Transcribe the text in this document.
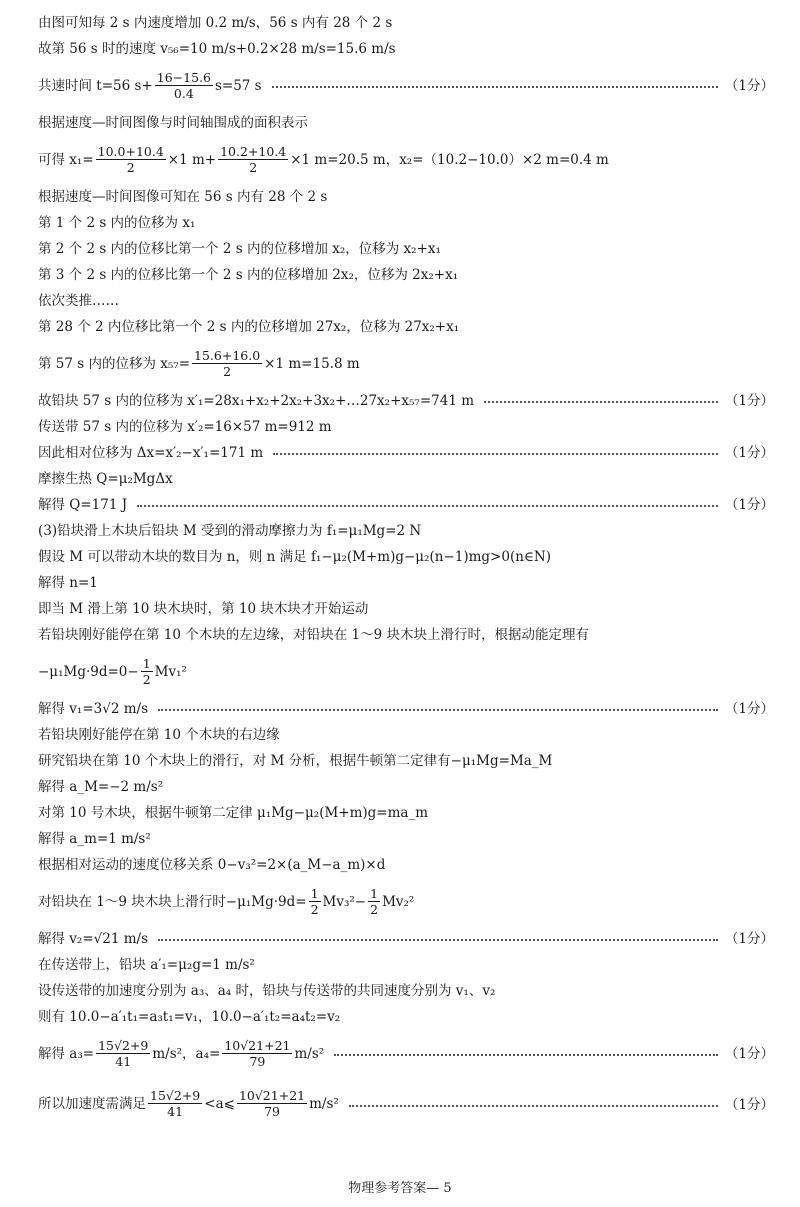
由图可知每 2 s 内速度增加 0.2 m/s，56 s 内有 28 个 2 s
故第 56 s 时的速度 v₅₆=10 m/s+0.2×28 m/s=15.6 m/s
共速时间 t=56 $s+ \frac{16-15.6}{0.4} s=57$ s	（1分）
根据速度—时间图像与时间轴围成的面积表示
可得 $x_1= \frac{10.0+10.4}{2} \times 1$ $m+ \frac{10.2+10.4}{2} \times 1$ m=20.5 m，x₂=（10.2−10.0）×2 m=0.4 m
根据速度—时间图像可知在 56 s 内有 28 个 2 s
第 1 个 2 s 内的位移为 x₁
第 2 个 2 s 内的位移比第一个 2 s 内的位移增加 x₂，位移为 x₂+x₁
第 3 个 2 s 内的位移比第一个 2 s 内的位移增加 2x₂，位移为 2x₂+x₁
依次类推……
第 28 个 2 内位移比第一个 2 s 内的位移增加 27x₂，位移为 27x₂+x₁
第 57 s 内的位移为 $x_{57}= \frac{15.6+16.0}{2} \times 1$ m=15.8 m
故铅块 57 s 内的位移为 x′₁=28x₁+x₂+2x₂+3x₂+…27x₂+x₅₇=741 m	（1分）
传送带 57 s 内的位移为 x′₂=16×57 m=912 m
因此相对位移为 Δx=x′₂−x′₁=171 m	（1分）
摩擦生热 Q=μ₂MgΔx
解得 Q=171 J	（1分）
(3)铅块滑上木块后铅块 M 受到的滑动摩擦力为 f₁=μ₁Mg=2 N
假设 M 可以带动木块的数目为 n，则 n 满足 f₁−μ₂(M+m)g−μ₂(n−1)mg>0(n∈N)
解得 n=1
即当 M 滑上第 10 块木块时，第 10 块木块才开始运动
若铅块刚好能停在第 10 个木块的左边缘，对铅块在 1～9 块木块上滑行时，根据动能定理有
$-\mu_1Mg\cdot 9d=0- \frac{1}{2} Mv_1^2$
解得 v₁=3√2 m/s	（1分）
若铅块刚好能停在第 10 个木块的右边缘
研究铅块在第 10 个木块上的滑行，对 M 分析，根据牛顿第二定律有−μ₁Mg=Ma_M
解得 a_M=−2 m/s²
对第 10 号木块，根据牛顿第二定律 μ₁Mg−μ₂(M+m)g=ma_m
解得 a_m=1 m/s²
根据相对运动的速度位移关系 0−v₃²=2×(a_M−a_m)×d
对铅块在 1～9 块木块上滑行时$-\mu_1Mg\cdot 9d= \frac{1}{2} Mv_3^2- \frac{1}{2} Mv_2^2$
解得 v₂=√21 m/s	（1分）
在传送带上，铅块 a′₁=μ₂g=1 m/s²
设传送带的加速度分别为 a₃、a₄ 时，铅块与传送带的共同速度分别为 v₁、v₂
则有 10.0−a′₁t₁=a₃t₁=v₁，10.0−a′₁t₂=a₄t₂=v₂
解得 $a_3= \frac{15√2+9}{41} m/s^2$，$a_4= \frac{10√21+21}{79} m/s^2$	（1分）
所以加速度需满足 $\frac{15√2+9}{41}$ <a⩽ $\frac{10√21+21}{79} m/s^2$	（1分）
物理参考答案— 5
